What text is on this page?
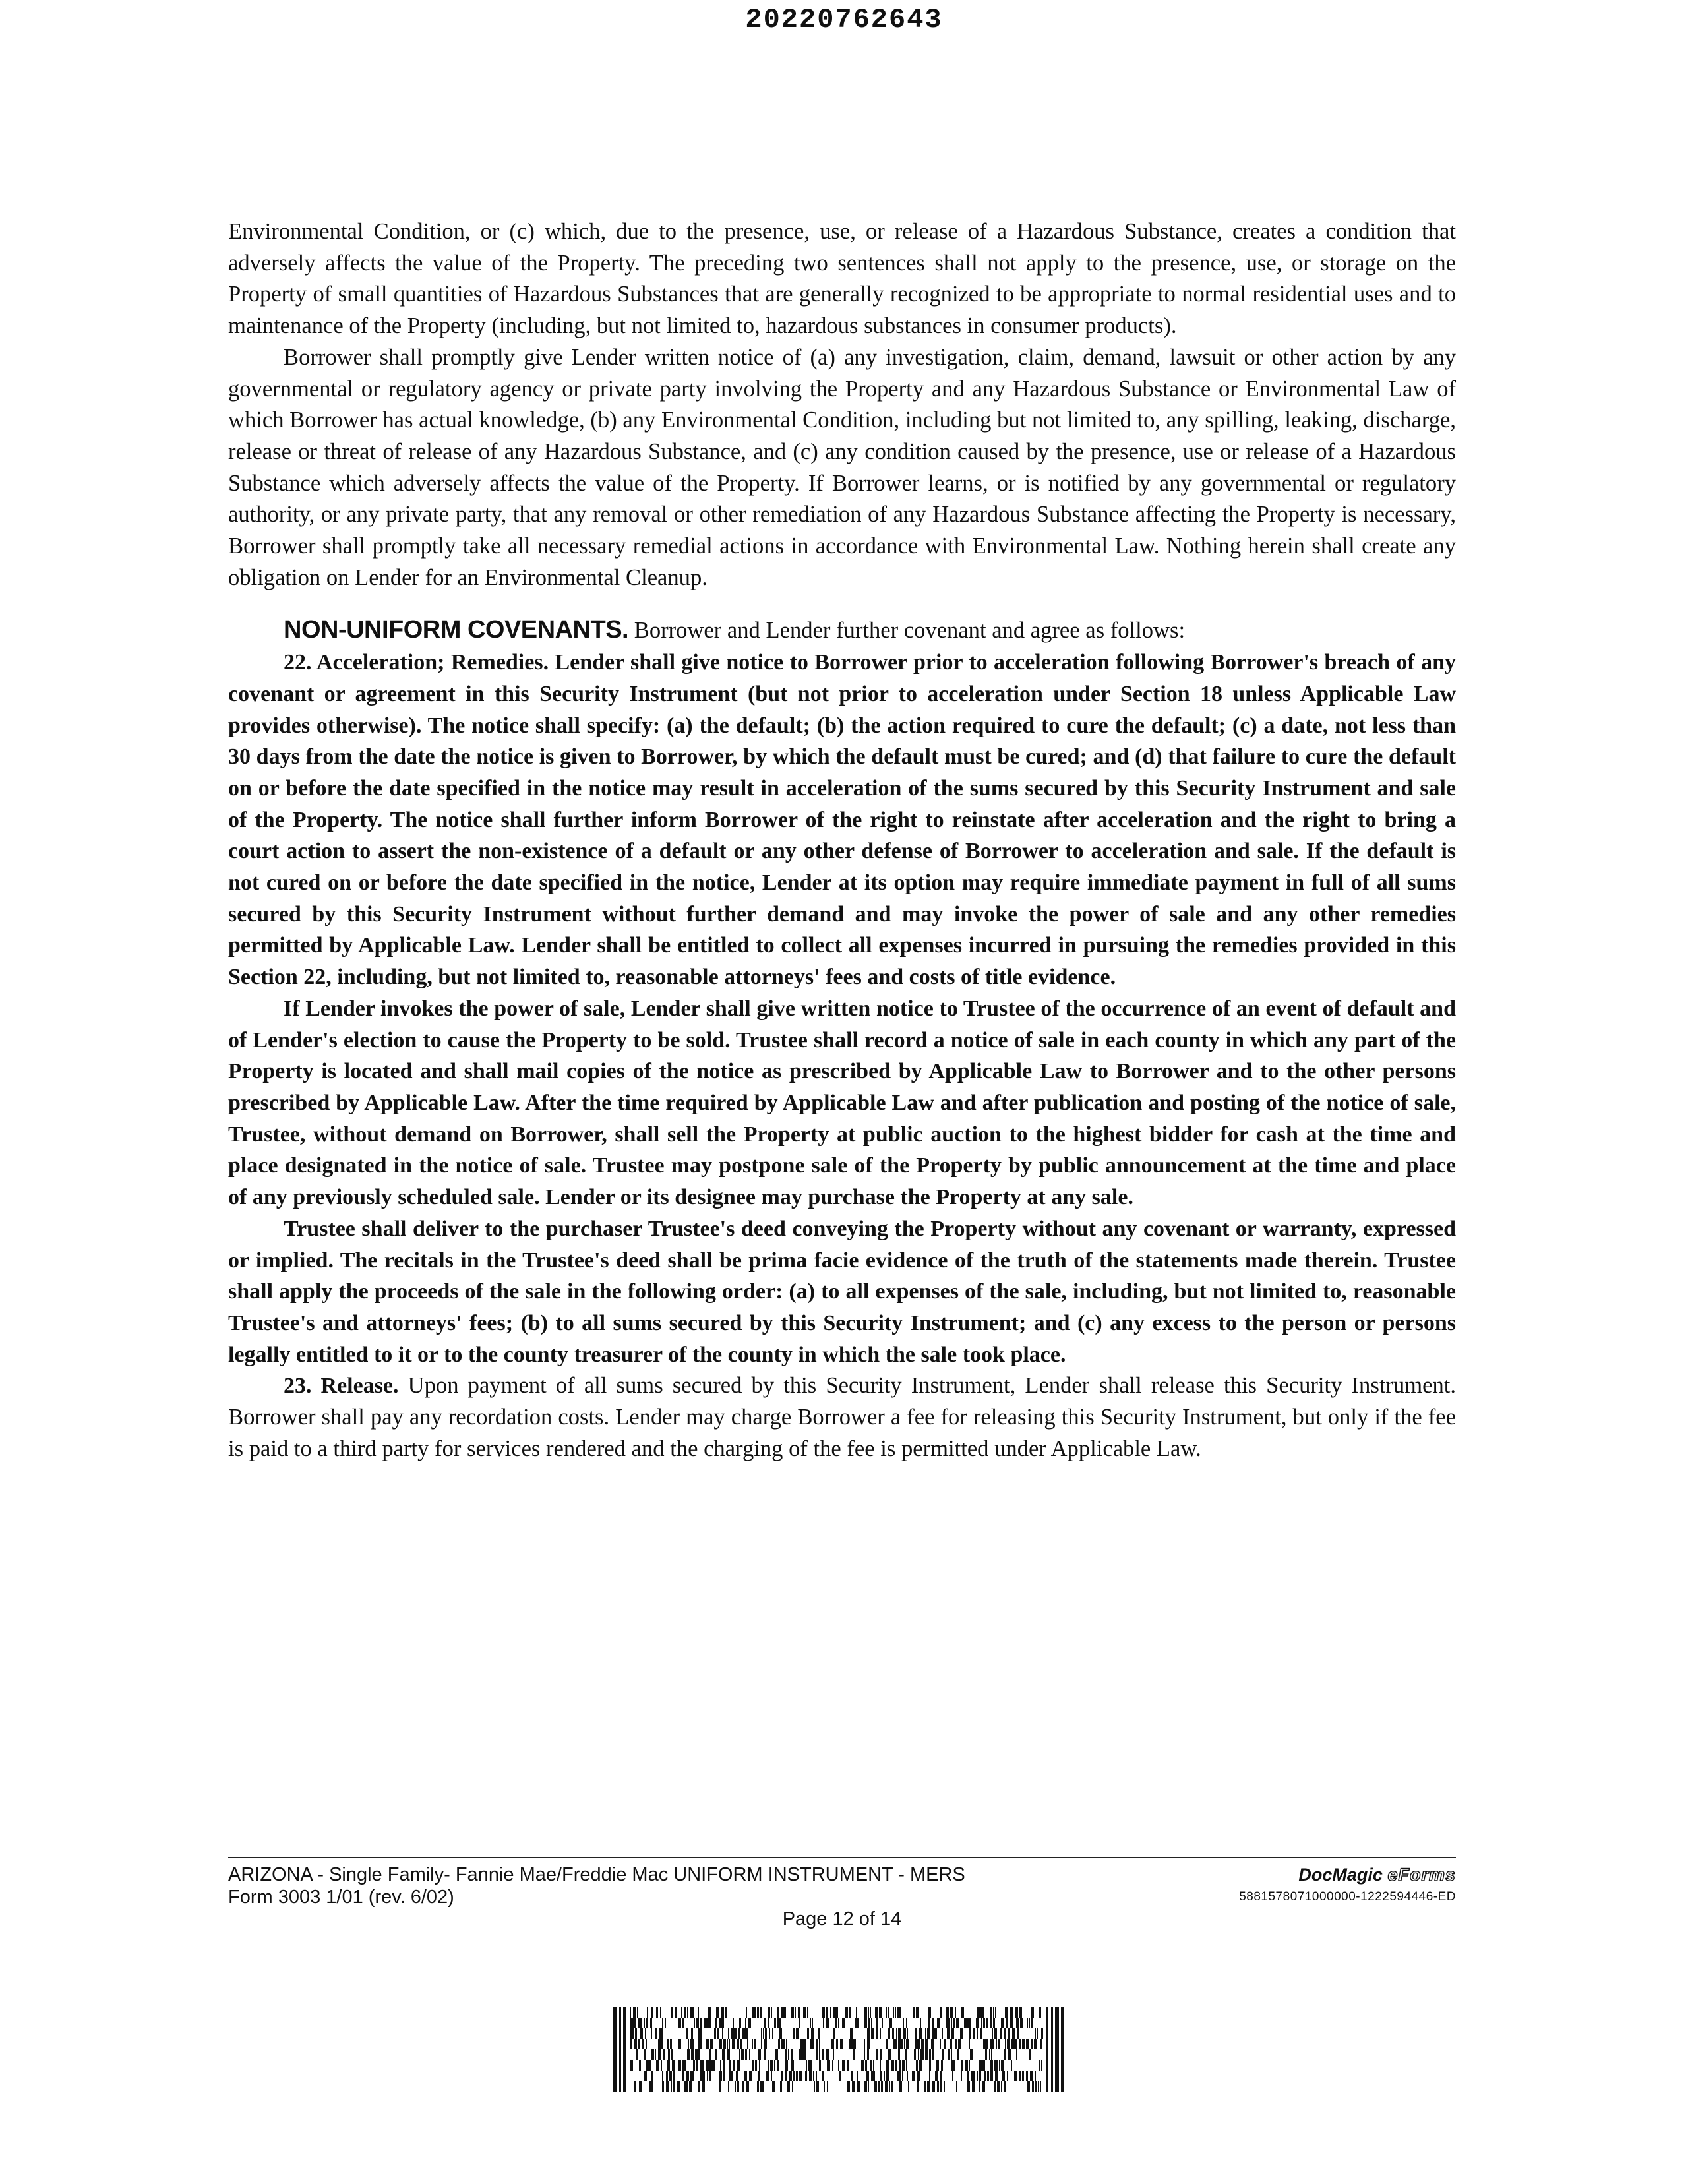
20220762643

Environmental Condition, or (c) which, due to the presence, use, or release of a Hazardous Substance, creates a condition that adversely affects the value of the Property. The preceding two sentences shall not apply to the presence, use, or storage on the Property of small quantities of Hazardous Substances that are generally recognized to be appropriate to normal residential uses and to maintenance of the Property (including, but not limited to, hazardous substances in consumer products).

Borrower shall promptly give Lender written notice of (a) any investigation, claim, demand, lawsuit or other action by any governmental or regulatory agency or private party involving the Property and any Hazardous Substance or Environmental Law of which Borrower has actual knowledge, (b) any Environmental Condition, including but not limited to, any spilling, leaking, discharge, release or threat of release of any Hazardous Substance, and (c) any condition caused by the presence, use or release of a Hazardous Substance which adversely affects the value of the Property. If Borrower learns, or is notified by any governmental or regulatory authority, or any private party, that any removal or other remediation of any Hazardous Substance affecting the Property is necessary, Borrower shall promptly take all necessary remedial actions in accordance with Environmental Law. Nothing herein shall create any obligation on Lender for an Environmental Cleanup.

NON-UNIFORM COVENANTS. Borrower and Lender further covenant and agree as follows:

22. Acceleration; Remedies. Lender shall give notice to Borrower prior to acceleration following Borrower's breach of any covenant or agreement in this Security Instrument (but not prior to acceleration under Section 18 unless Applicable Law provides otherwise). The notice shall specify: (a) the default; (b) the action required to cure the default; (c) a date, not less than 30 days from the date the notice is given to Borrower, by which the default must be cured; and (d) that failure to cure the default on or before the date specified in the notice may result in acceleration of the sums secured by this Security Instrument and sale of the Property. The notice shall further inform Borrower of the right to reinstate after acceleration and the right to bring a court action to assert the non-existence of a default or any other defense of Borrower to acceleration and sale. If the default is not cured on or before the date specified in the notice, Lender at its option may require immediate payment in full of all sums secured by this Security Instrument without further demand and may invoke the power of sale and any other remedies permitted by Applicable Law. Lender shall be entitled to collect all expenses incurred in pursuing the remedies provided in this Section 22, including, but not limited to, reasonable attorneys' fees and costs of title evidence.

If Lender invokes the power of sale, Lender shall give written notice to Trustee of the occurrence of an event of default and of Lender's election to cause the Property to be sold. Trustee shall record a notice of sale in each county in which any part of the Property is located and shall mail copies of the notice as prescribed by Applicable Law to Borrower and to the other persons prescribed by Applicable Law. After the time required by Applicable Law and after publication and posting of the notice of sale, Trustee, without demand on Borrower, shall sell the Property at public auction to the highest bidder for cash at the time and place designated in the notice of sale. Trustee may postpone sale of the Property by public announcement at the time and place of any previously scheduled sale. Lender or its designee may purchase the Property at any sale.

Trustee shall deliver to the purchaser Trustee's deed conveying the Property without any covenant or warranty, expressed or implied. The recitals in the Trustee's deed shall be prima facie evidence of the truth of the statements made therein. Trustee shall apply the proceeds of the sale in the following order: (a) to all expenses of the sale, including, but not limited to, reasonable Trustee's and attorneys' fees; (b) to all sums secured by this Security Instrument; and (c) any excess to the person or persons legally entitled to it or to the county treasurer of the county in which the sale took place.

23. Release. Upon payment of all sums secured by this Security Instrument, Lender shall release this Security Instrument. Borrower shall pay any recordation costs. Lender may charge Borrower a fee for releasing this Security Instrument, but only if the fee is paid to a third party for services rendered and the charging of the fee is permitted under Applicable Law.

ARIZONA - Single Family- Fannie Mae/Freddie Mac UNIFORM INSTRUMENT - MERS
Form 3003 1/01 (rev. 6/02)
DocMagic eForms
5881578071000000-1222594446-ED
Page 12 of 14
